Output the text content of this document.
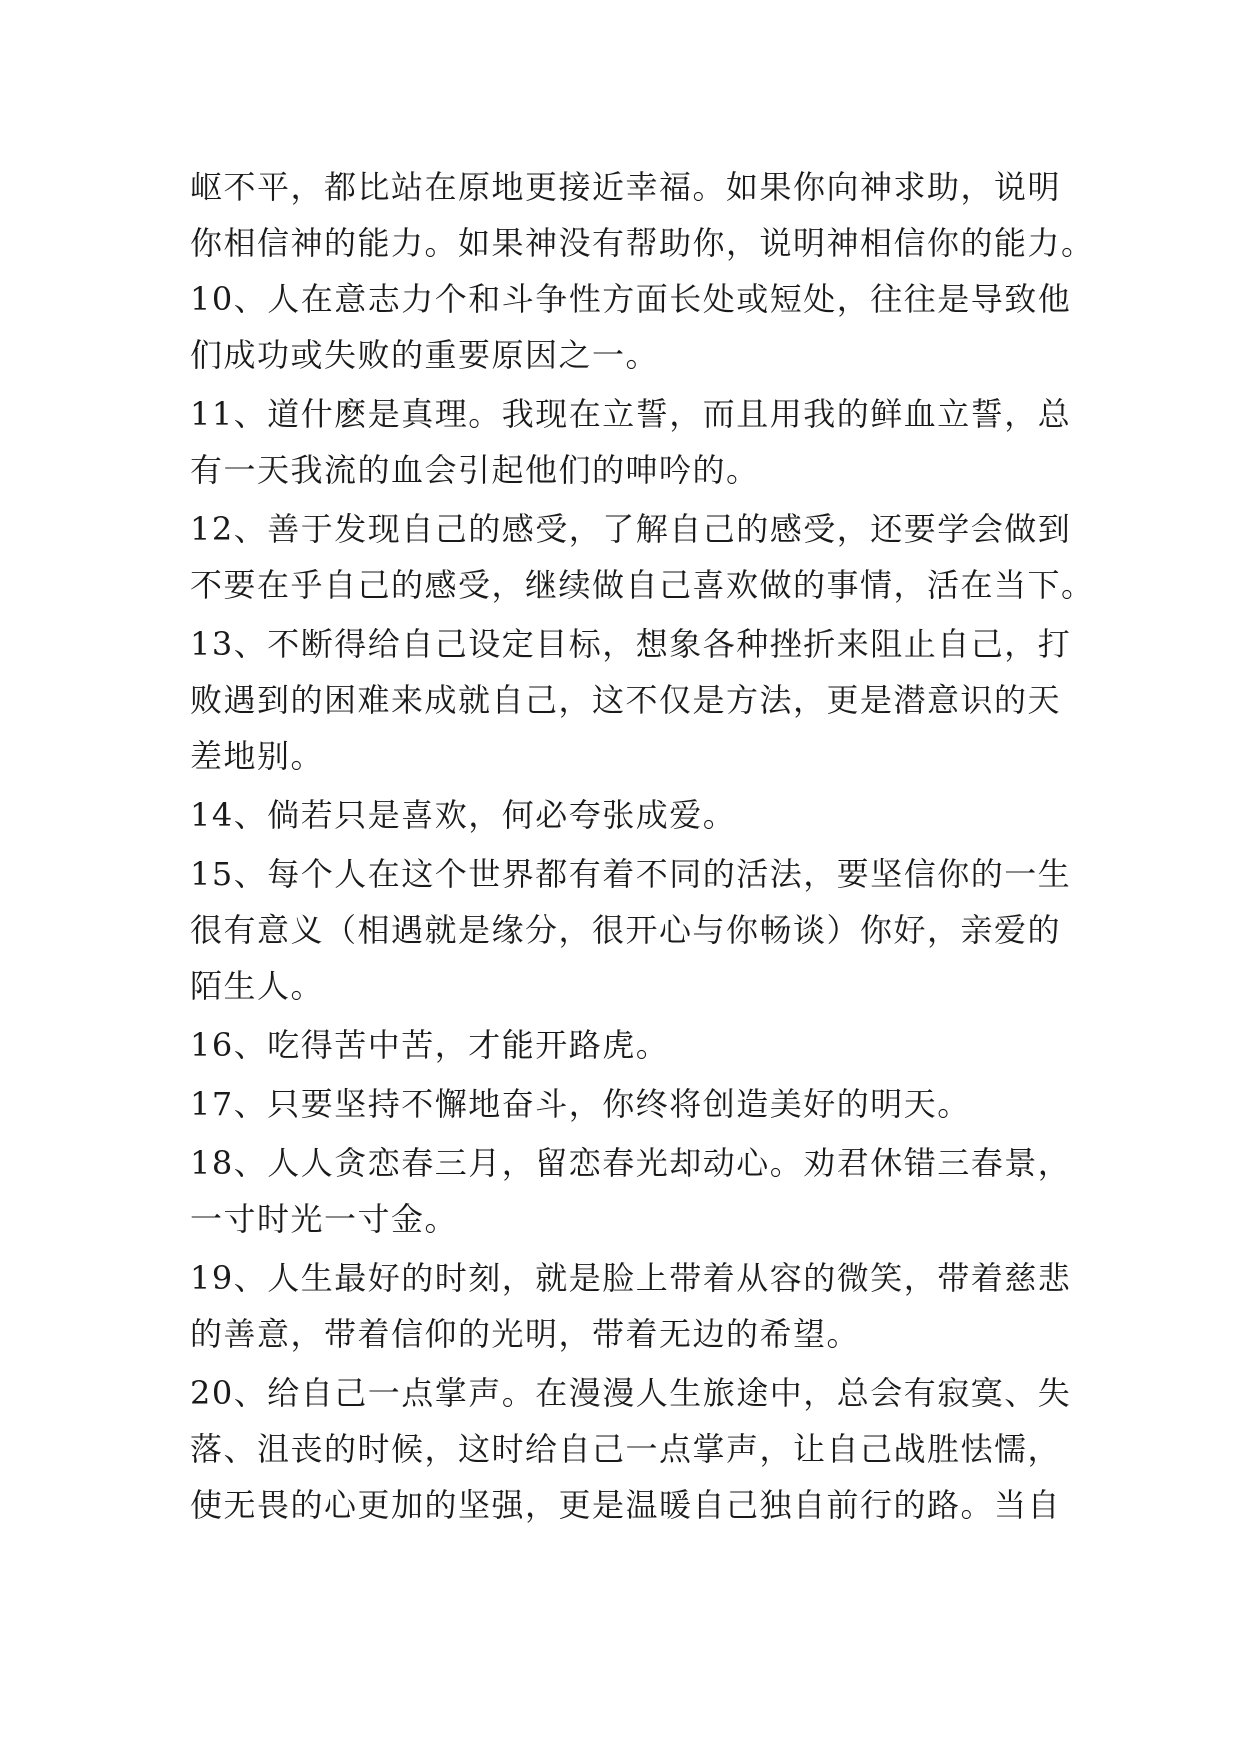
岖不平，都比站在原地更接近幸福。如果你向神求助，说明
你相信神的能力。如果神没有帮助你，说明神相信你的能力。
10、人在意志力个和斗争性方面长处或短处，往往是导致他
们成功或失败的重要原因之一。
11、道什麽是真理。我现在立誓，而且用我的鲜血立誓，总
有一天我流的血会引起他们的呻吟的。
12、善于发现自己的感受，了解自己的感受，还要学会做到
不要在乎自己的感受，继续做自己喜欢做的事情，活在当下。
13、不断得给自己设定目标，想象各种挫折来阻止自己，打
败遇到的困难来成就自己，这不仅是方法，更是潜意识的天
差地别。
14、倘若只是喜欢，何必夸张成爱。
15、每个人在这个世界都有着不同的活法，要坚信你的一生
很有意义（相遇就是缘分，很开心与你畅谈）你好，亲爱的
陌生人。
16、吃得苦中苦，才能开路虎。
17、只要坚持不懈地奋斗，你终将创造美好的明天。
18、人人贪恋春三月，留恋春光却动心。劝君休错三春景，
一寸时光一寸金。
19、人生最好的时刻，就是脸上带着从容的微笑，带着慈悲
的善意，带着信仰的光明，带着无边的希望。
20、给自己一点掌声。在漫漫人生旅途中，总会有寂寞、失
落、沮丧的时候，这时给自己一点掌声，让自己战胜怯懦，
使无畏的心更加的坚强，更是温暖自己独自前行的路。当自
